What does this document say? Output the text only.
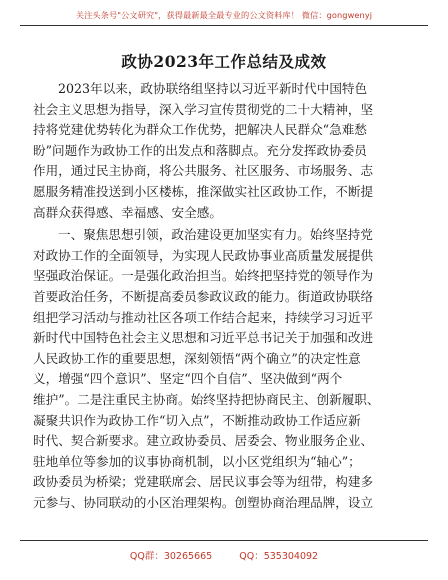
关注头条号"公文研究"，获得最新最全最专业的公文资料库！ 微信：gongwenyj
政协2023年工作总结及成效
2023年以来，政协联络组坚持以习近平新时代中国特色
社会主义思想为指导，深入学习宣传贯彻党的二十大精神，坚
持将党建优势转化为群众工作优势，把解决人民群众“急难愁
盼”问题作为政协工作的出发点和落脚点。充分发挥政协委员
作用，通过民主协商，将公共服务、社区服务、市场服务、志
愿服务精准投送到小区楼栋，推深做实社区政协工作，不断提
高群众获得感、幸福感、安全感。
一、聚焦思想引领，政治建设更加坚实有力。始终坚持党
对政协工作的全面领导，为实现人民政协事业高质量发展提供
坚强政治保证。一是强化政治担当。始终把坚持党的领导作为
首要政治任务，不断提高委员参政议政的能力。街道政协联络
组把学习活动与推动社区各项工作结合起来，持续学习习近平
新时代中国特色社会主义思想和习近平总书记关于加强和改进
人民政协工作的重要思想，深刻领悟“两个确立”的决定性意
义，增强“四个意识”、坚定“四个自信”、坚决做到“两个
维护”。二是注重民主协商。始终坚持把协商民主、创新履职、
凝聚共识作为政协工作“切入点”，不断推动政协工作适应新
时代、契合新要求。建立政协委员、居委会、物业服务企业、
驻地单位等参加的议事协商机制，以小区党组织为“轴心”；
政协委员为桥梁；党建联席会、居民议事会等为纽带，构建多
元参与、协同联动的小区治理架构。创塑协商治理品牌，设立
QQ群：30265665	QQ：535304092
